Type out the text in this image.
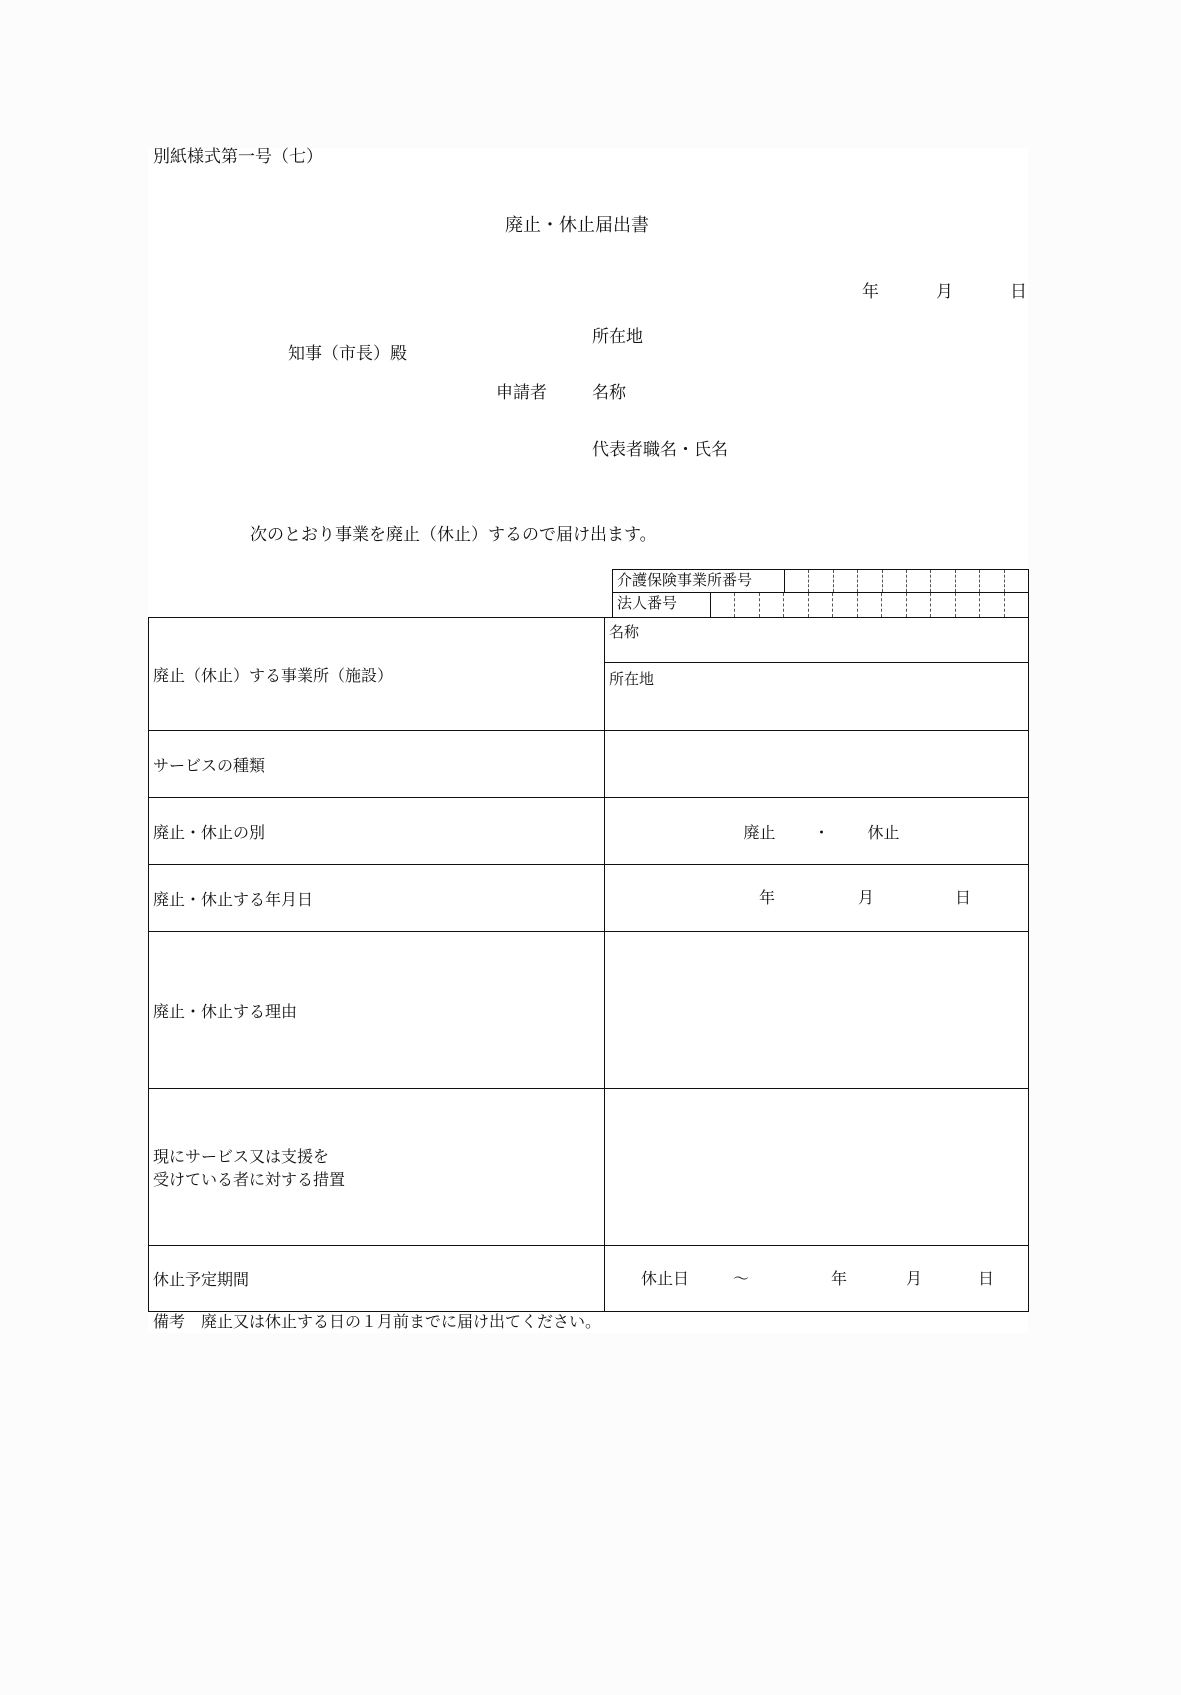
別紙様式第一号（七）
廃止・休止届出書
年	月	日
知事（市長）殿
所在地
申請者	名称
代表者職名・氏名
次のとおり事業を廃止（休止）するので届け出ます。
介護保険事業所番号
法人番号
廃止（休止）する事業所（施設）	名称
	所在地
サービスの種類	
廃止・休止の別	廃止 ・ 休止

廃止・休止する年月日	年 月 日

廃止・休止する理由	

現にサービス又は支援を
受けている者に対する措置	

休止予定期間	休止日 ～ 年 月 日
備考　廃止又は休止する日の１月前までに届け出てください。
